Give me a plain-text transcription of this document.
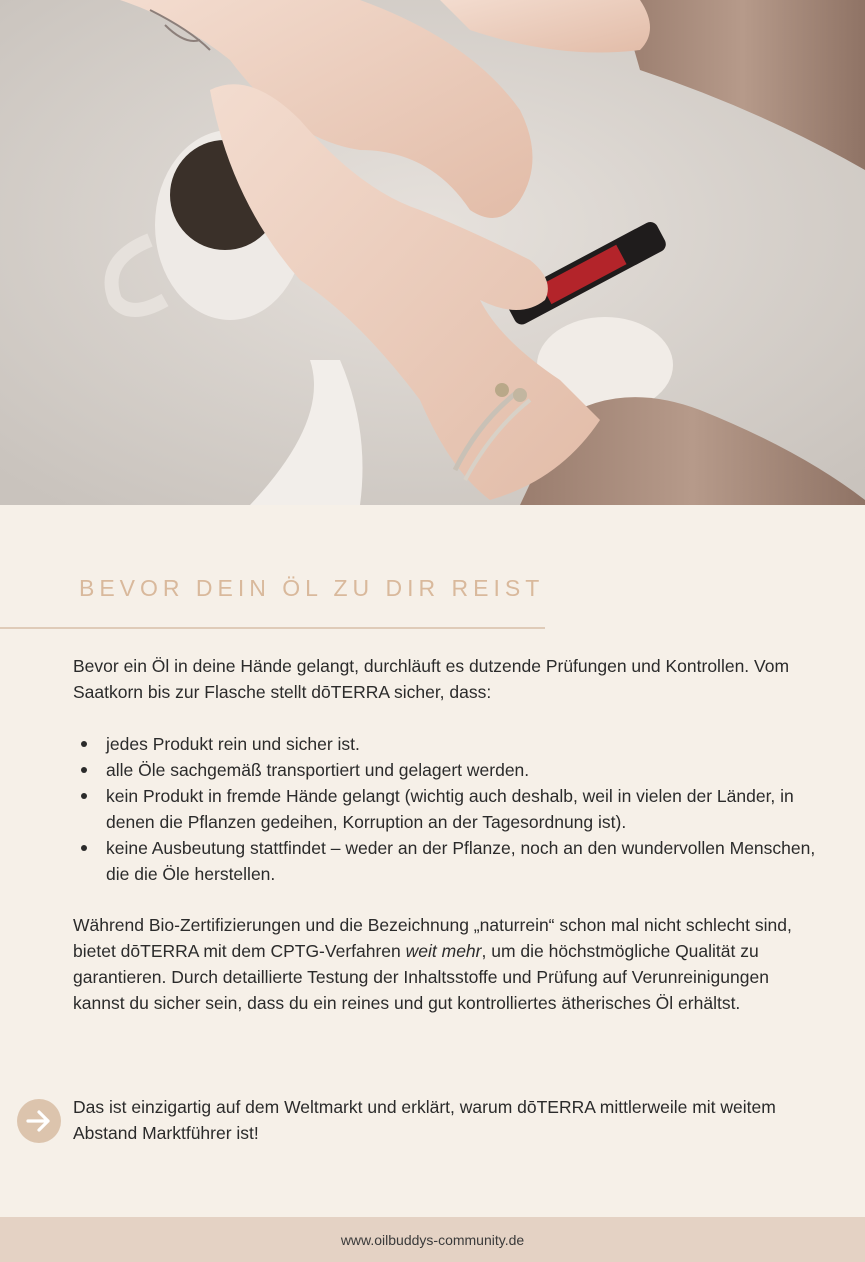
BEVOR DEIN ÖL ZU DIR REIST

Bevor ein Öl in deine Hände gelangt, durchläuft es dutzende Prüfungen und Kontrollen. Vom Saatkorn bis zur Flasche stellt dōTERRA sicher, dass:

jedes Produkt rein und sicher ist.
alle Öle sachgemäß transportiert und gelagert werden.
kein Produkt in fremde Hände gelangt (wichtig auch deshalb, weil in vielen der Länder, in denen die Pflanzen gedeihen, Korruption an der Tagesordnung ist).
keine Ausbeutung stattfindet – weder an der Pflanze, noch an den wundervollen Menschen, die die Öle herstellen.

Während Bio-Zertifizierungen und die Bezeichnung „naturrein“ schon mal nicht schlecht sind, bietet dōTERRA mit dem CPTG-Verfahren weit mehr, um die höchstmögliche Qualität zu garantieren. Durch detaillierte Testung der Inhaltsstoffe und Prüfung auf Verunreinigungen kannst du sicher sein, dass du ein reines und gut kontrolliertes ätherisches Öl erhältst.

Das ist einzigartig auf dem Weltmarkt und erklärt, warum dōTERRA mittlerweile mit weitem Abstand Marktführer ist!

www.oilbuddys-community.de
